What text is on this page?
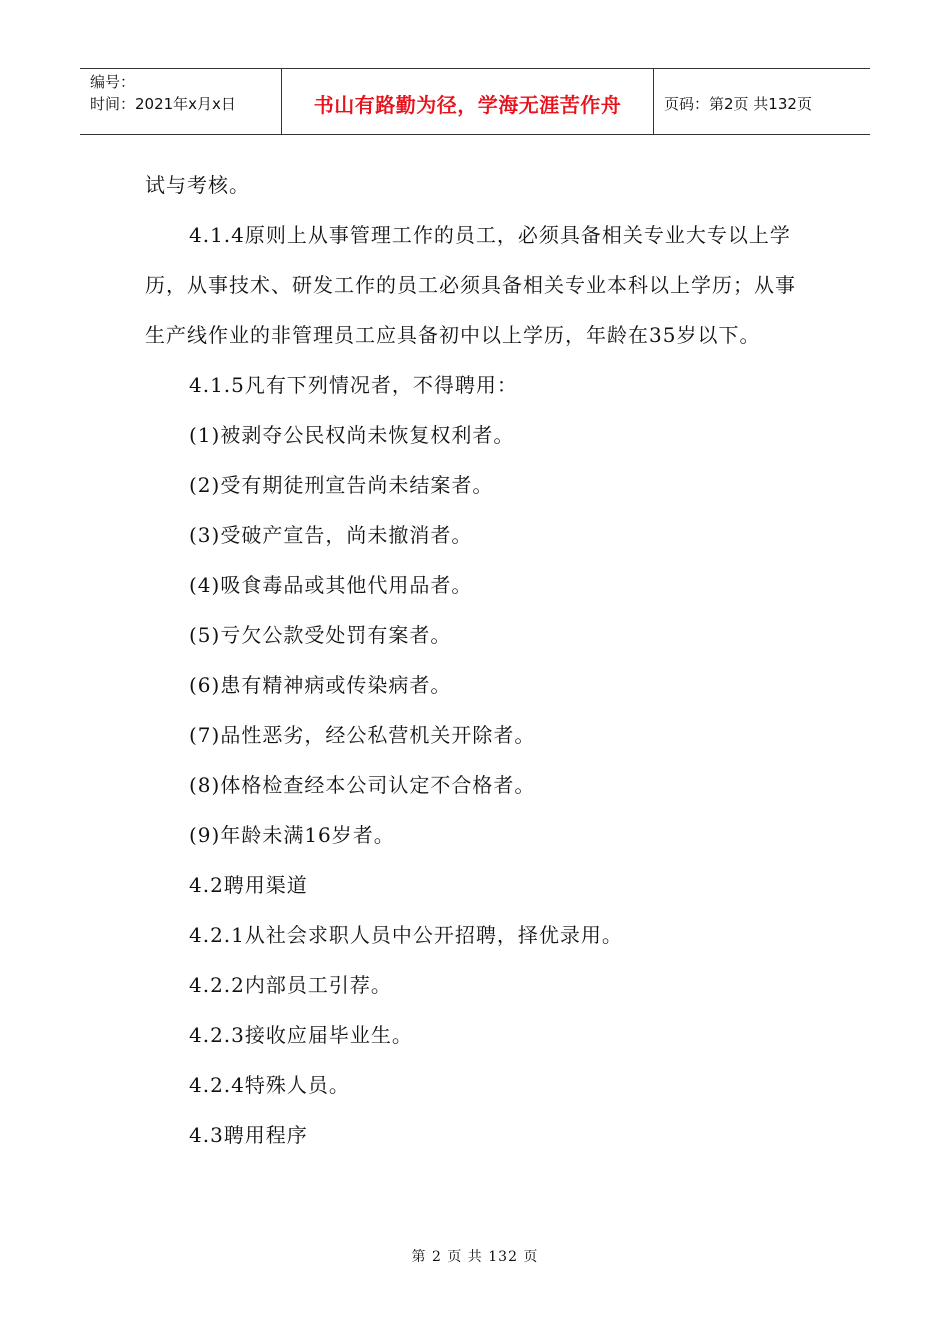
编号：
时间：2021年x月x日	书山有路勤为径，学海无涯苦作舟	页码：第2页 共132页

试与考核。

4.1.4原则上从事管理工作的员工，必须具备相关专业大专以上学历，从事技术、研发工作的员工必须具备相关专业本科以上学历；从事生产线作业的非管理员工应具备初中以上学历，年龄在35岁以下。

4.1.5凡有下列情况者，不得聘用：

(1)被剥夺公民权尚未恢复权利者。

(2)受有期徒刑宣告尚未结案者。

(3)受破产宣告，尚未撤消者。

(4)吸食毒品或其他代用品者。

(5)亏欠公款受处罚有案者。

(6)患有精神病或传染病者。

(7)品性恶劣，经公私营机关开除者。

(8)体格检查经本公司认定不合格者。

(9)年龄未满16岁者。

4.2聘用渠道

4.2.1从社会求职人员中公开招聘，择优录用。

4.2.2内部员工引荐。

4.2.3接收应届毕业生。

4.2.4特殊人员。

4.3聘用程序

第 2 页 共 132 页
